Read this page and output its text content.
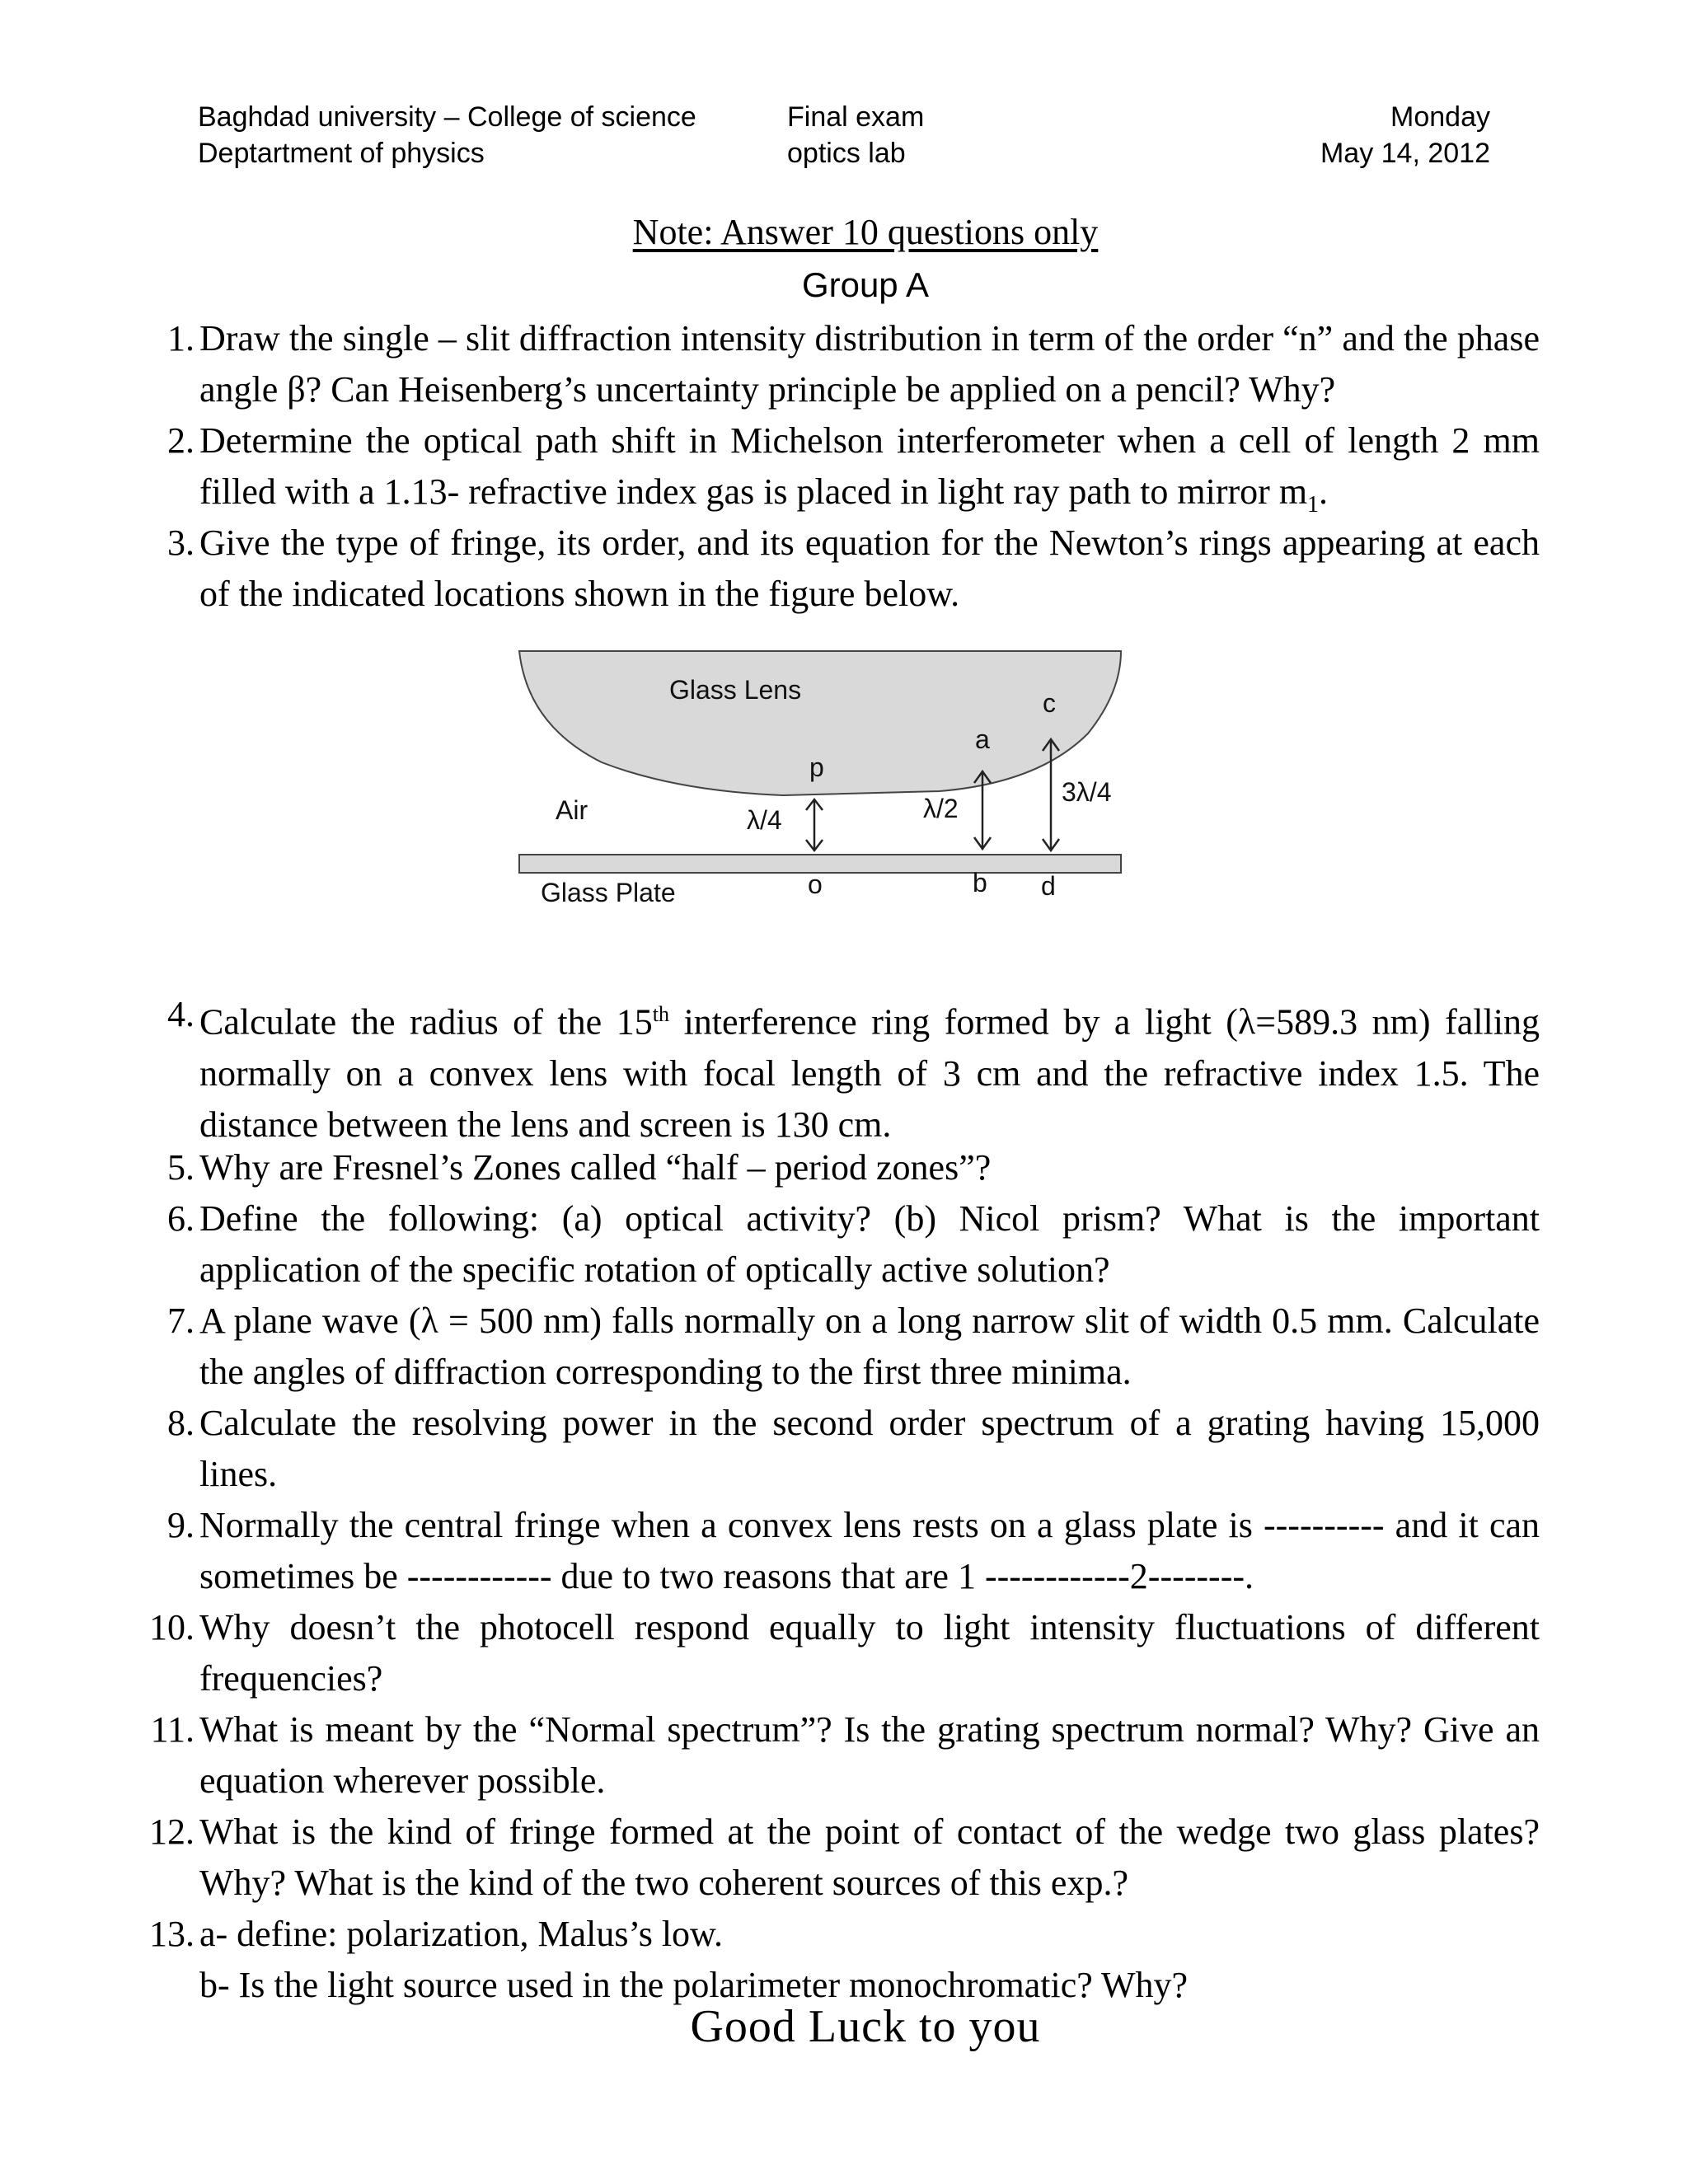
Baghdad university – College of science
Deptartment of physics
Final exam
optics lab
Monday
May 14, 2012
Note: Answer 10 questions only
Group A
1. Draw the single – slit diffraction intensity distribution in term of the order “n” and the phase angle β? Can Heisenberg’s uncertainty principle be applied on a pencil? Why?
2. Determine the optical path shift in Michelson interferometer when a cell of length 2 mm filled with a 1.13- refractive index gas is placed in light ray path to mirror $m_1$.
3. Give the type of fringe, its order, and its equation for the Newton’s rings appearing at each of the indicated locations shown in the figure below.
Glass Lens
Air
Glass Plate
p
o
a
b
c
d
λ/4	λ/2
3λ/4
4. Calculate the radius of the 15th interference ring formed by a light (λ=589.3 nm) falling normally on a convex lens with focal length of 3 cm and the refractive index 1.5. The distance between the lens and screen is 130 cm.
5. Why are Fresnel’s Zones called “half – period zones”?
6. Define the following: (a) optical activity? (b) Nicol prism? What is the important application of the specific rotation of optically active solution?
7. A plane wave (λ = 500 nm) falls normally on a long narrow slit of width 0.5 mm. Calculate the angles of diffraction corresponding to the first three minima.
8. Calculate the resolving power in the second order spectrum of a grating having 15,000 lines.
9. Normally the central fringe when a convex lens rests on a glass plate is ---------- and it can sometimes be ------------ due to two reasons that are 1 ------------2--------.
10. Why doesn’t the photocell respond equally to light intensity fluctuations of different frequencies?
11. What is meant by the “Normal spectrum”? Is the grating spectrum normal? Why? Give an equation wherever possible.
12. What is the kind of fringe formed at the point of contact of the wedge two glass plates? Why? What is the kind of the two coherent sources of this exp.?
13. a- define: polarization, Malus’s low.
b- Is the light source used in the polarimeter monochromatic? Why?
Good Luck to you
